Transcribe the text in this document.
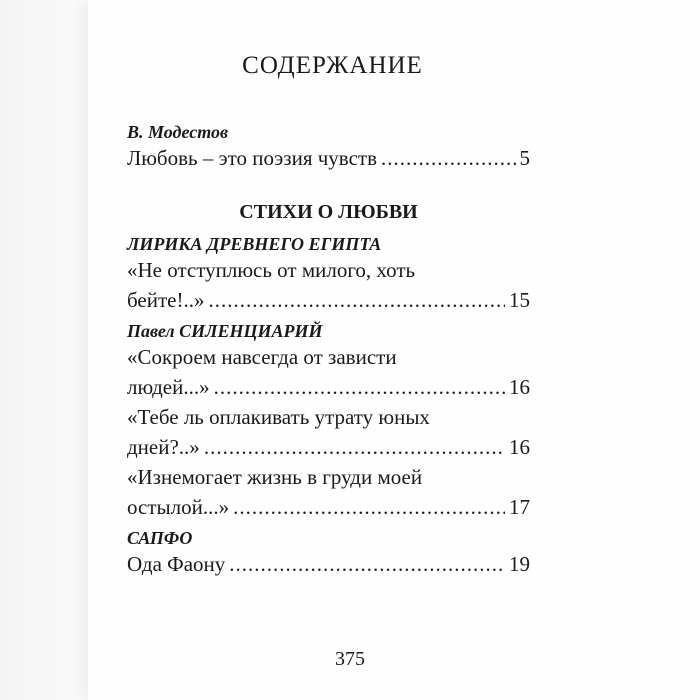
СОДЕРЖАНИЕ
В. Модестов
Любовь – это поэзия чувств .....	5
СТИХИ О ЛЮБВИ
ЛИРИКА ДРЕВНЕГО ЕГИПТА
«Не отступлюсь от милого, хоть
бейте!..» .....	15
Павел СИЛЕНЦИАРИЙ
«Сокроем навсегда от зависти
людей...» .....	16
«Тебе ль оплакивать утрату юных
дней?..» .....	16
«Изнемогает жизнь в груди моей
остылой...» .....	17
САПФО
Ода Фаону .....	19
375
